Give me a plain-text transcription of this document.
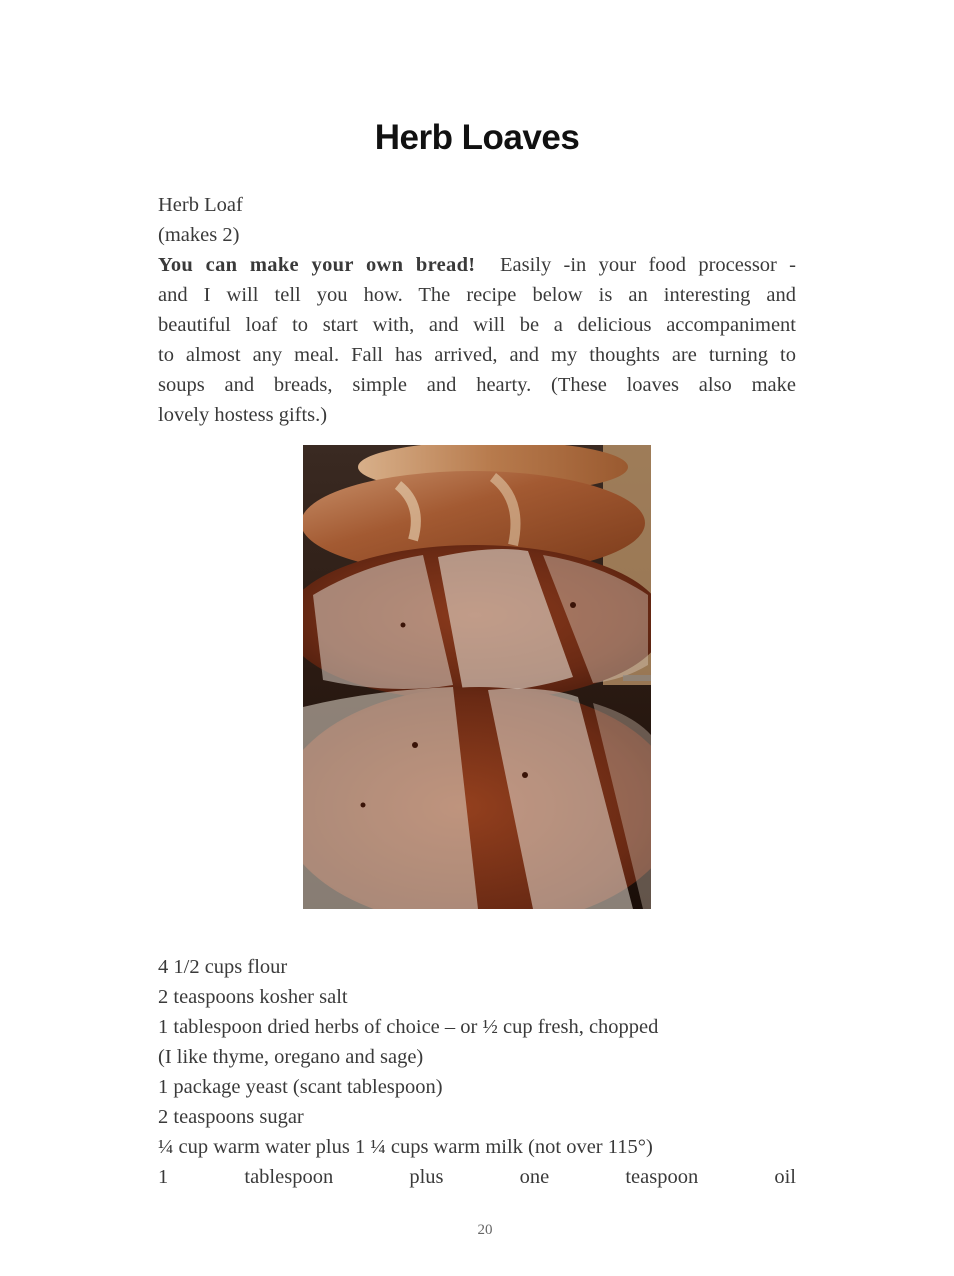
Herb Loaves
Herb Loaf
(makes 2)
You can make your own bread! Easily -in your food processor -
and I will tell you how. The recipe below is an interesting and
beautiful loaf to start with, and will be a delicious accompaniment
to almost any meal. Fall has arrived, and my thoughts are turning to
soups and breads, simple and hearty. (These loaves also make
lovely hostess gifts.)
4 1/2 cups flour
2 teaspoons kosher salt
1 tablespoon dried herbs of choice – or ½ cup fresh, chopped
(I like thyme, oregano and sage)
1 package yeast (scant tablespoon)
2 teaspoons sugar
¼ cup warm water plus 1 ¼ cups warm milk (not over 115°)
1 tablespoon plus one teaspoon oil
20
